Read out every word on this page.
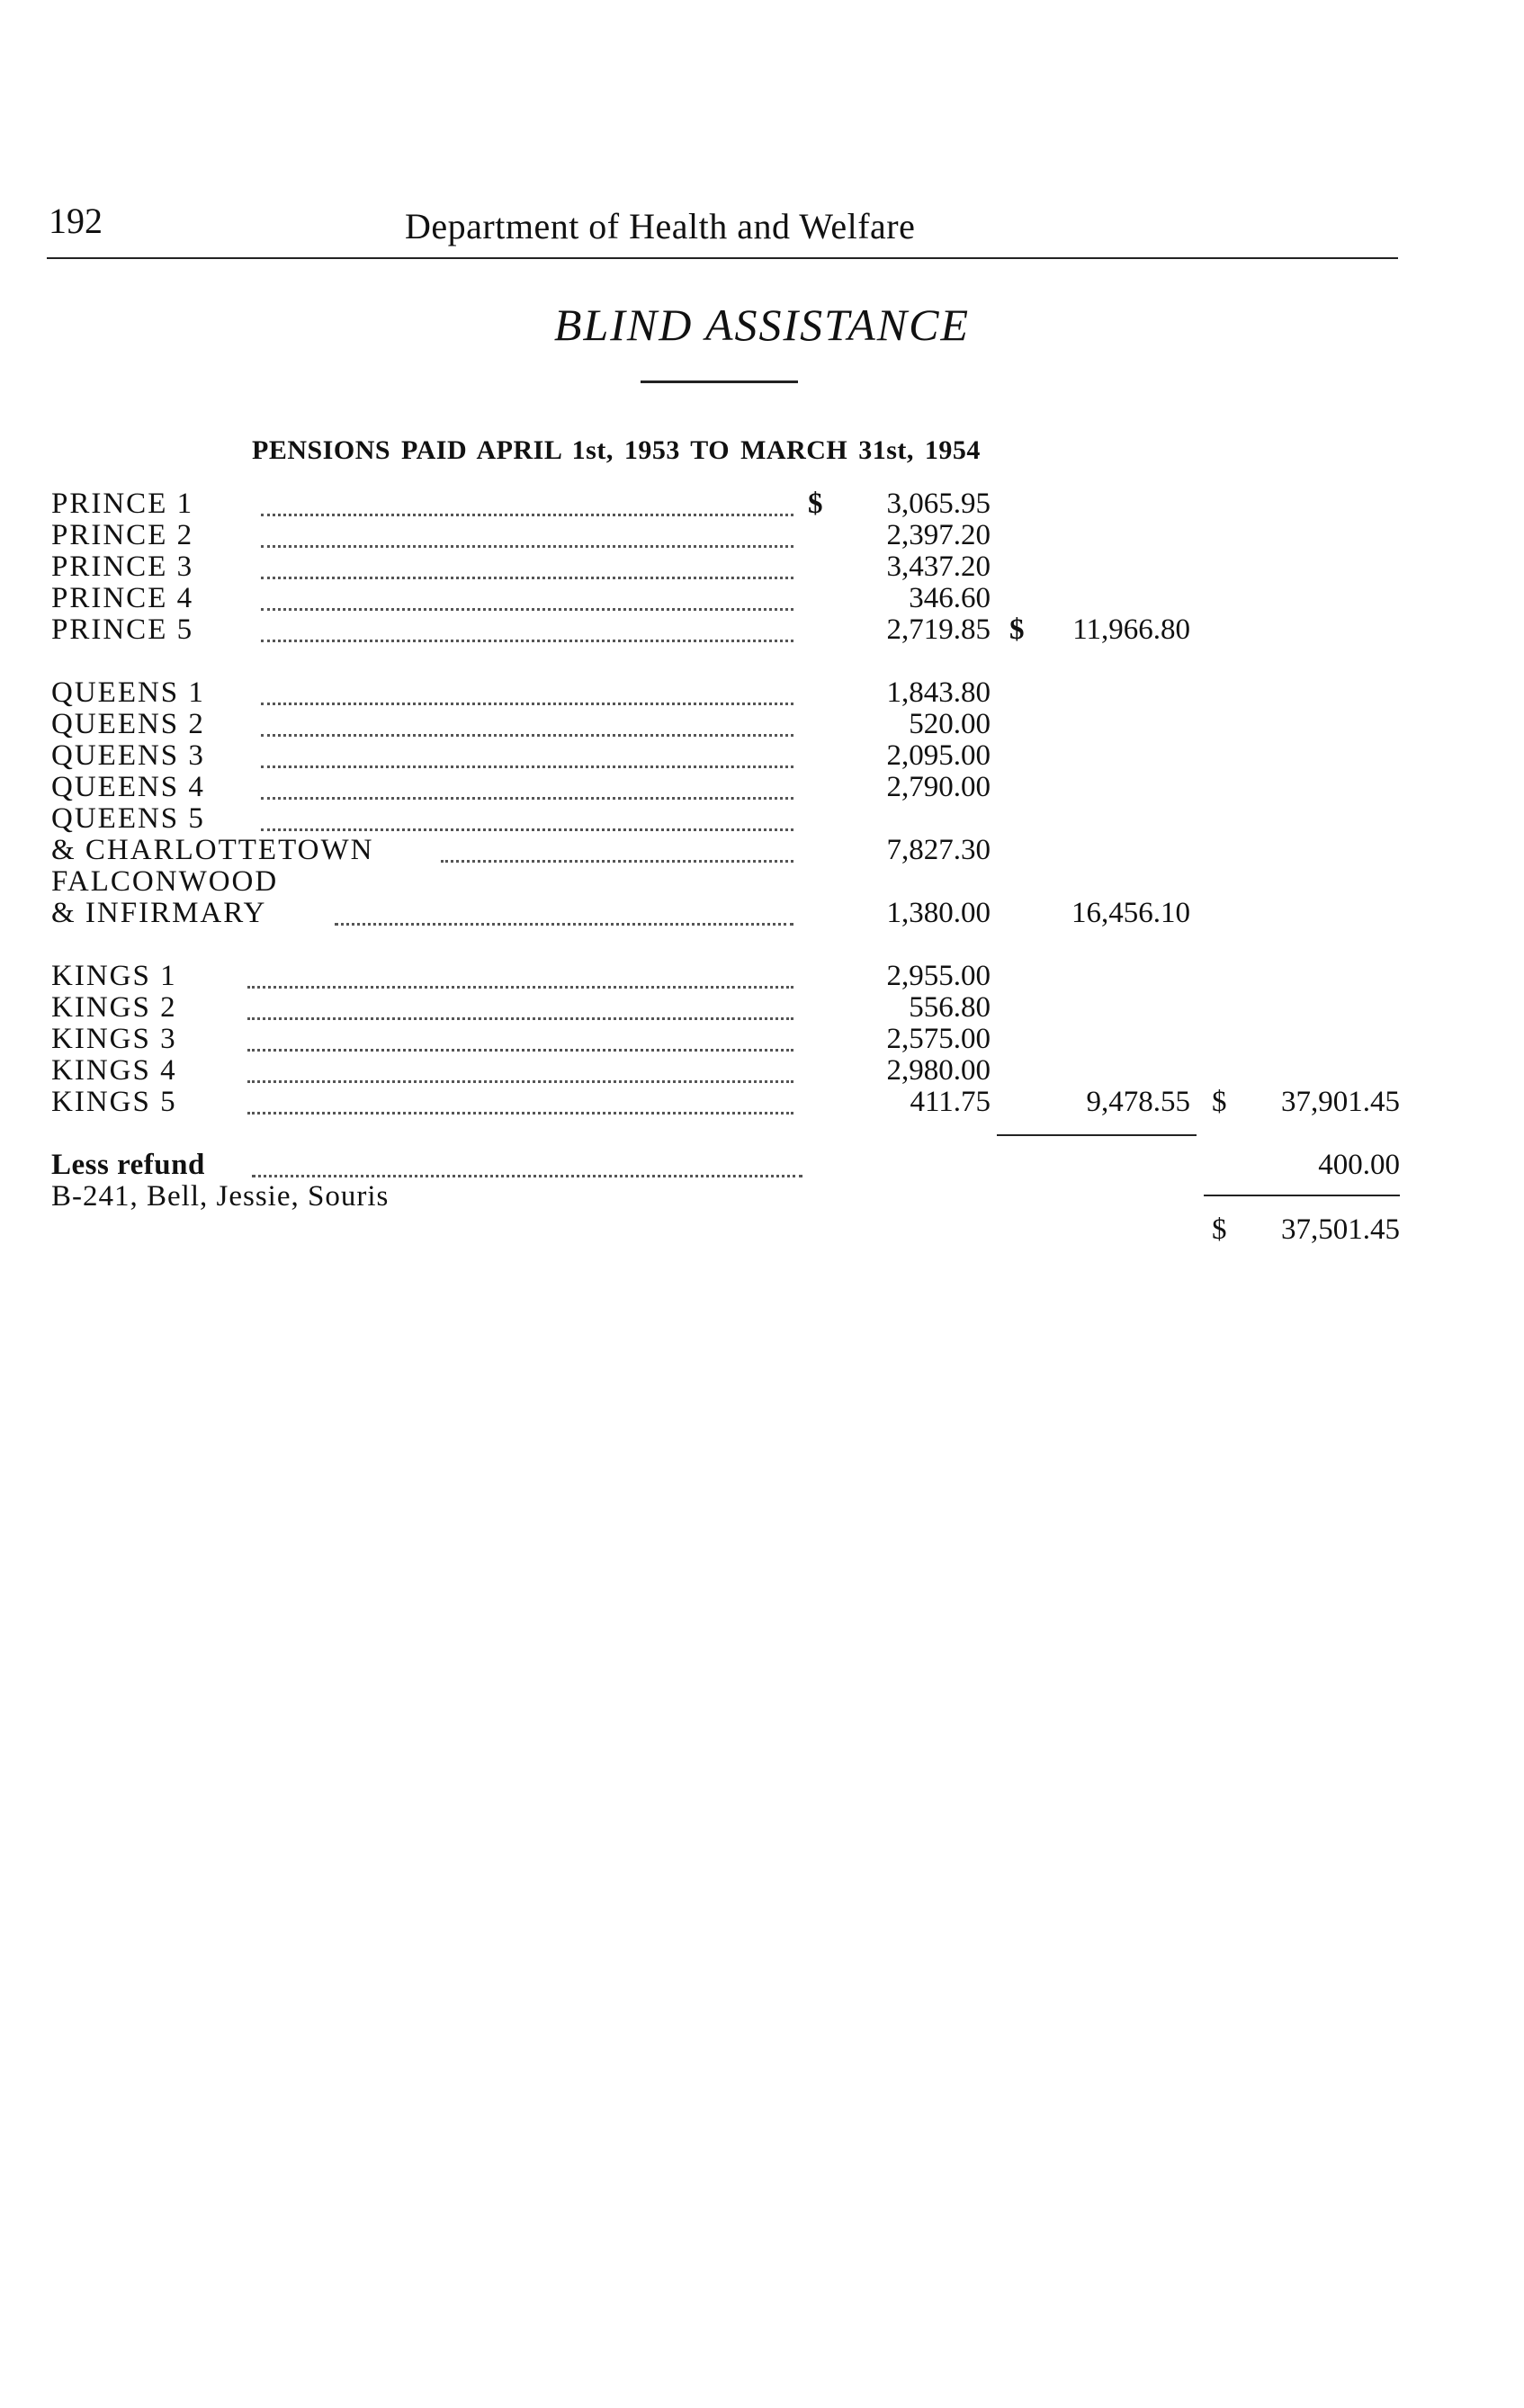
192	Department of Health and Welfare
BLIND ASSISTANCE
PENSIONS PAID APRIL 1st, 1953 TO MARCH 31st, 1954
PRINCE 1	$ 3,065.95
PRINCE 2	2,397.20
PRINCE 3	3,437.20
PRINCE 4	346.60
PRINCE 5	2,719.85 $ 11,966.80
QUEENS 1	1,843.80
QUEENS 2	520.00
QUEENS 3	2,095.00
QUEENS 4	2,790.00
QUEENS 5
& CHARLOTTETOWN	7,827.30
FALCONWOOD
& INFIRMARY	1,380.00	16,456.10
KINGS 1	2,955.00
KINGS 2	556.80
KINGS 3	2,575.00
KINGS 4	2,980.00
KINGS 5	411.75	9,478.55 $ 37,901.45
Less refund	400.00
B-241, Bell, Jessie, Souris
$ 37,501.45
